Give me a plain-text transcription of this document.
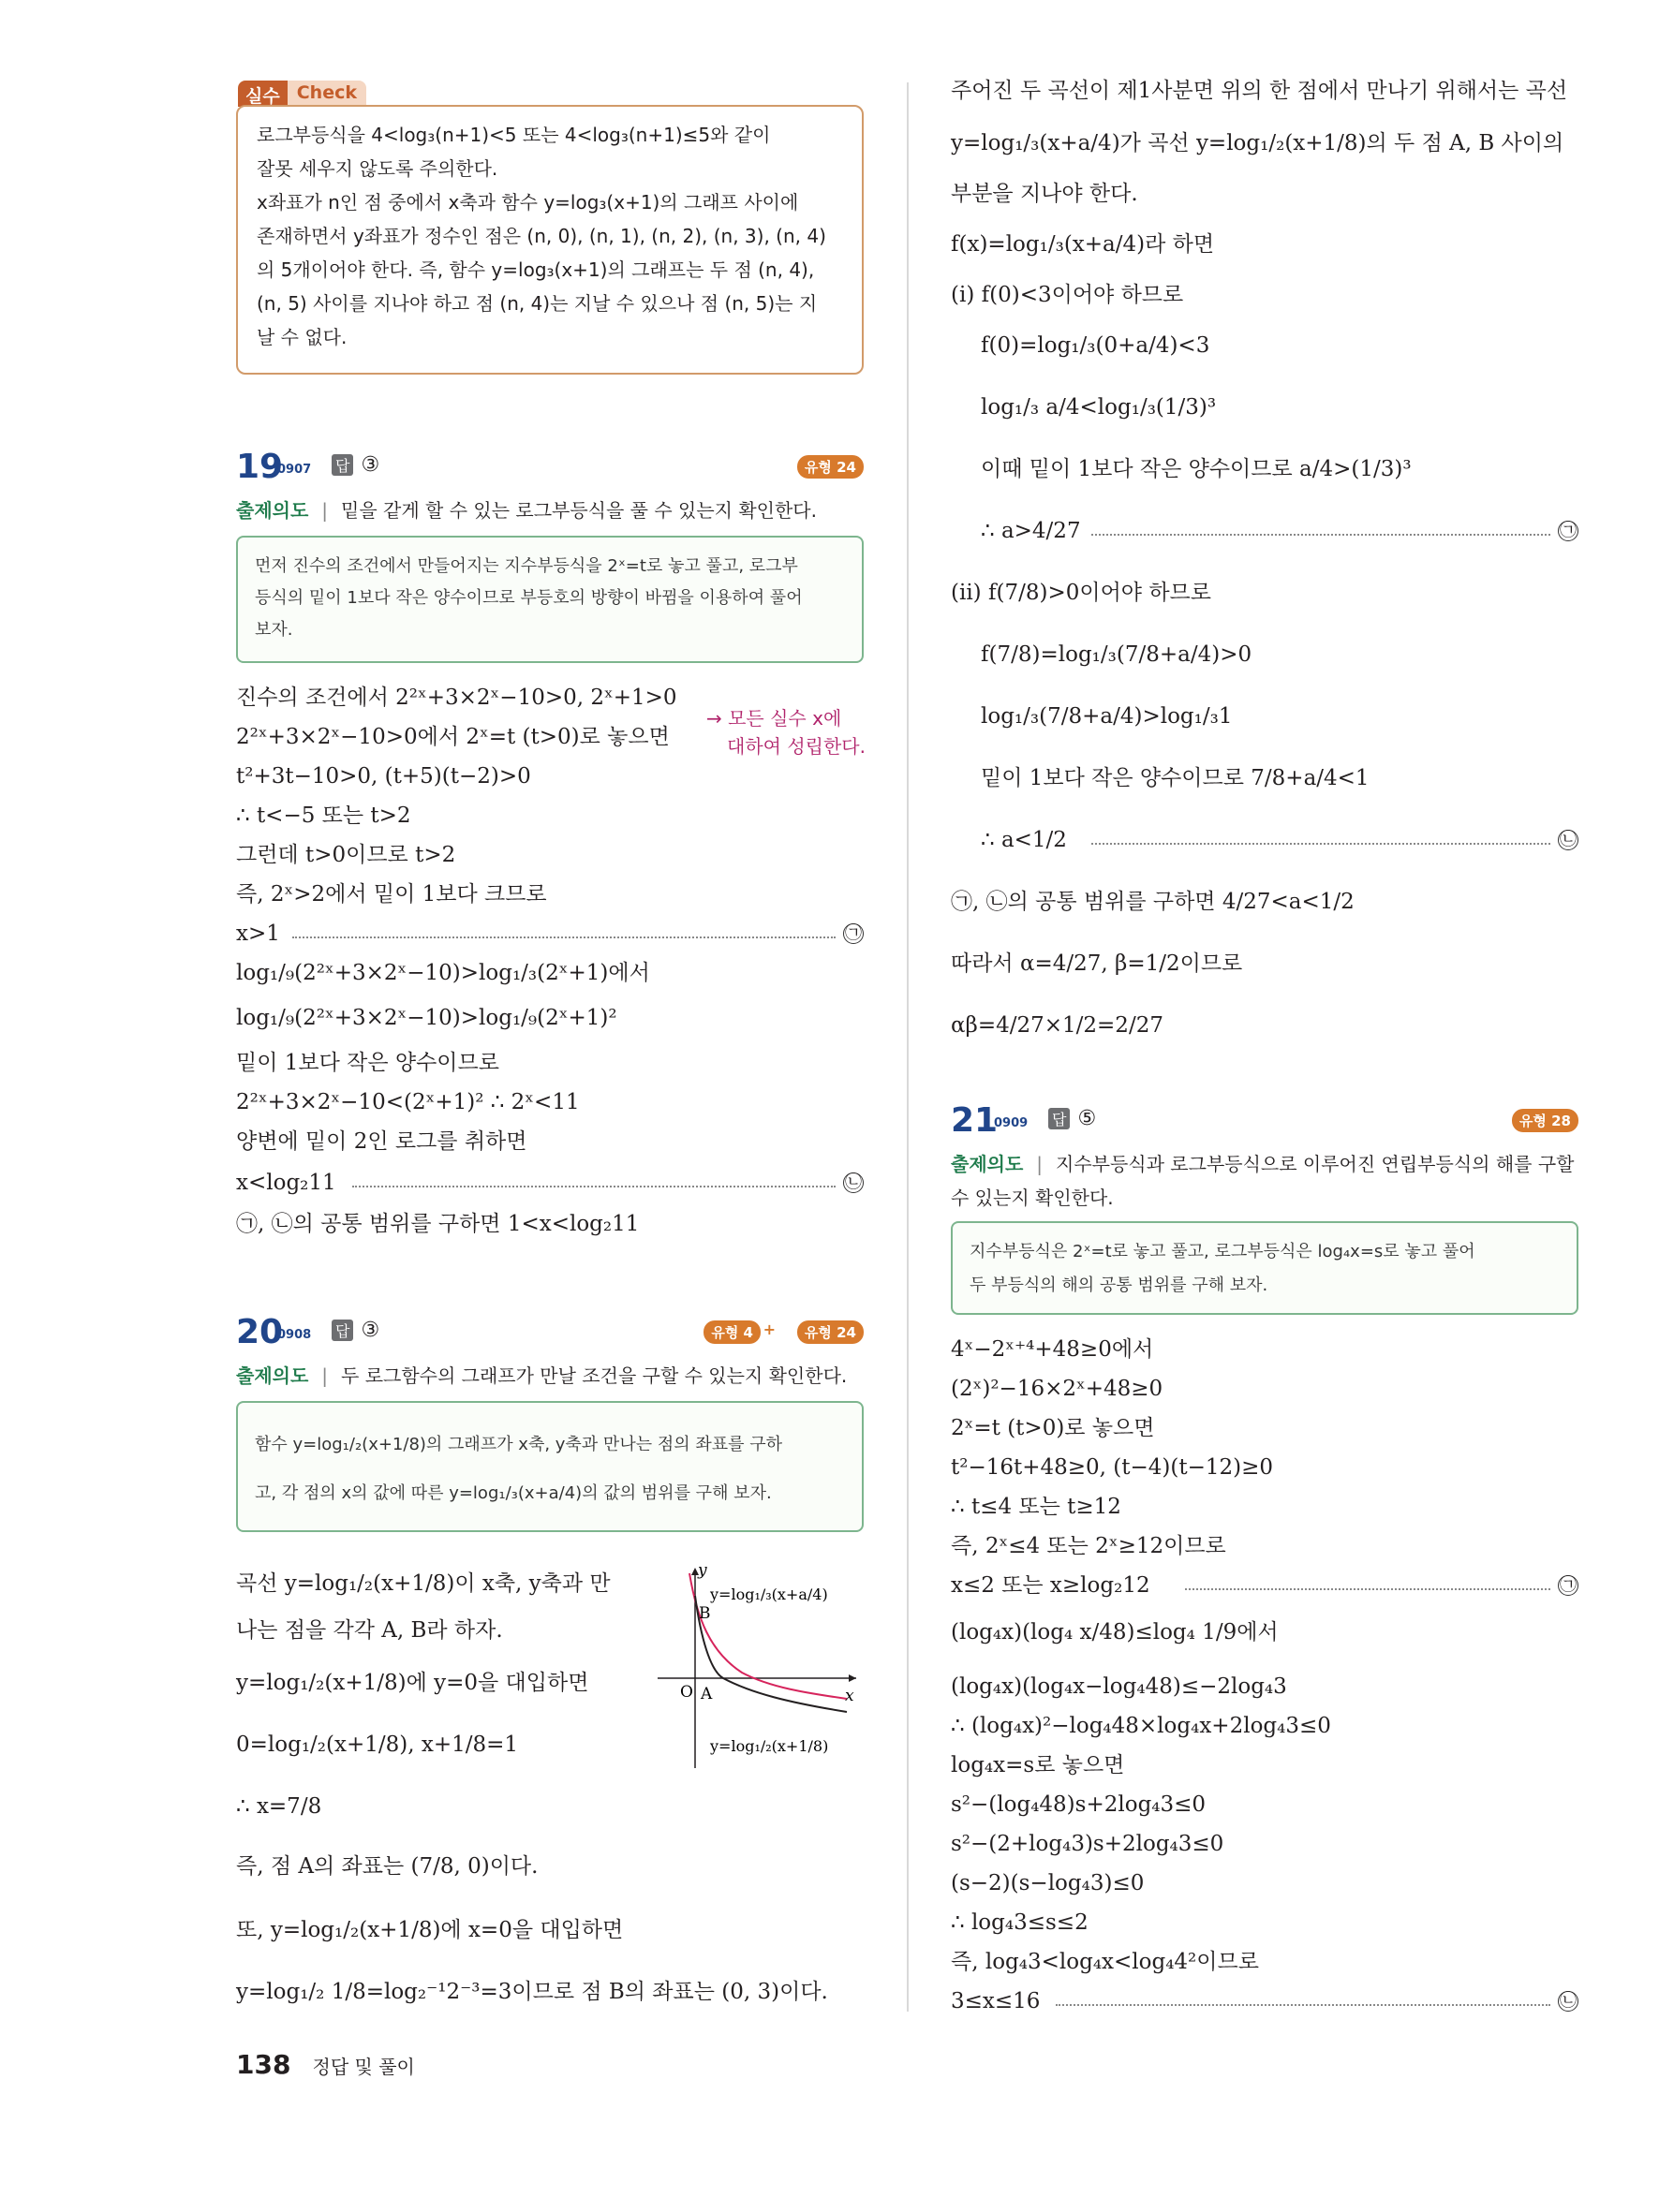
실수 Check

로그부등식을 4<log₃(n+1)<5 또는 4<log₃(n+1)≤5와 같이

잘못 세우지 않도록 주의한다.

x좌표가 n인 점 중에서 x축과 함수 y=log₃(x+1)의 그래프 사이에

존재하면서 y좌표가 정수인 점은 (n, 0), (n, 1), (n, 2), (n, 3), (n, 4)

의 5개이어야 한다. 즉, 함수 y=log₃(x+1)의 그래프는 두 점 (n, 4),

(n, 5) 사이를 지나야 하고 점 (n, 4)는 지날 수 있으나 점 (n, 5)는 지

날 수 없다.

19
0907 답 ③	유형 24
출제의도 | 밑을 같게 할 수 있는 로그부등식을 풀 수 있는지 확인한다.

먼저 진수의 조건에서 만들어지는 지수부등식을 2ˣ=t로 놓고 풀고, 로그부

등식의 밑이 1보다 작은 양수이므로 부등호의 방향이 바뀜을 이용하여 풀어

보자.

진수의 조건에서 2²ˣ+3×2ˣ−10>0, 2ˣ+1>0
2²ˣ+3×2ˣ−10>0에서 2ˣ=t (t>0)로 놓으면
→ 모든 실수 x에
대하여 성립한다.
t²+3t−10>0, (t+5)(t−2)>0
∴ t<−5 또는 t>2
그런데 t>0이므로 t>2
즉, 2ˣ>2에서 밑이 1보다 크므로
x>1	㉠
log₁/₉(2²ˣ+3×2ˣ−10)>log₁/₃(2ˣ+1)에서
log₁/₉(2²ˣ+3×2ˣ−10)>log₁/₉(2ˣ+1)²
밑이 1보다 작은 양수이므로
2²ˣ+3×2ˣ−10<(2ˣ+1)² ∴ 2ˣ<11
양변에 밑이 2인 로그를 취하면
x<log₂11	㉡
㉠, ㉡의 공통 범위를 구하면 1<x<log₂11
20
0908 답 ③	유형 4 +	유형 24
출제의도 | 두 로그함수의 그래프가 만날 조건을 구할 수 있는지 확인한다.

함수 y=log₁/₂(x+1/8)의 그래프가 x축, y축과 만나는 점의 좌표를 구하

고, 각 점의 x의 값에 따른 y=log₁/₃(x+a/4)의 값의 범위를 구해 보자.

곡선 y=log₁/₂(x+1/8)이 x축, y축과 만
나는 점을 각각 A, B라 하자.
y=log₁/₂(x+1/8)에 y=0을 대입하면
0=log₁/₂(x+1/8), x+1/8=1
∴ x=7/8
즉, 점 A의 좌표는 (7/8, 0)이다.
또, y=log₁/₂(x+1/8)에 x=0을 대입하면
y=log₁/₂ 1/8=log₂⁻¹2⁻³=3이므로 점 B의 좌표는 (0, 3)이다.
y
x
O A
B
y=log₁/₃(x+a/4)
y=log₁/₂(x+1/8)
주어진 두 곡선이 제1사분면 위의 한 점에서 만나기 위해서는 곡선
y=log₁/₃(x+a/4)가 곡선 y=log₁/₂(x+1/8)의 두 점 A, B 사이의
부분을 지나야 한다.
f(x)=log₁/₃(x+a/4)라 하면
(i) f(0)<3이어야 하므로
f(0)=log₁/₃(0+a/4)<3
log₁/₃ a/4<log₁/₃(1/3)³
이때 밑이 1보다 작은 양수이므로 a/4>(1/3)³
∴ a>4/27	㉠
(ii) f(7/8)>0이어야 하므로
f(7/8)=log₁/₃(7/8+a/4)>0
log₁/₃(7/8+a/4)>log₁/₃1
밑이 1보다 작은 양수이므로 7/8+a/4<1
∴ a<1/2	㉡
㉠, ㉡의 공통 범위를 구하면 4/27<a<1/2
따라서 α=4/27, β=1/2이므로
αβ=4/27×1/2=2/27
21
0909 답 ⑤	유형 28
출제의도 | 지수부등식과 로그부등식으로 이루어진 연립부등식의 해를 구할
수 있는지 확인한다.

지수부등식은 2ˣ=t로 놓고 풀고, 로그부등식은 log₄x=s로 놓고 풀어

두 부등식의 해의 공통 범위를 구해 보자.

4ˣ−2ˣ⁺⁴+48≥0에서
(2ˣ)²−16×2ˣ+48≥0
2ˣ=t (t>0)로 놓으면
t²−16t+48≥0, (t−4)(t−12)≥0
∴ t≤4 또는 t≥12
즉, 2ˣ≤4 또는 2ˣ≥12이므로
x≤2 또는 x≥log₂12	㉠
(log₄x)(log₄ x/48)≤log₄ 1/9에서
(log₄x)(log₄x−log₄48)≤−2log₄3
∴ (log₄x)²−log₄48×log₄x+2log₄3≤0
log₄x=s로 놓으면
s²−(log₄48)s+2log₄3≤0
s²−(2+log₄3)s+2log₄3≤0
(s−2)(s−log₄3)≤0
∴ log₄3≤s≤2
즉, log₄3<log₄x<log₄4²이므로
3≤x≤16	㉡
138 정답 및 풀이
